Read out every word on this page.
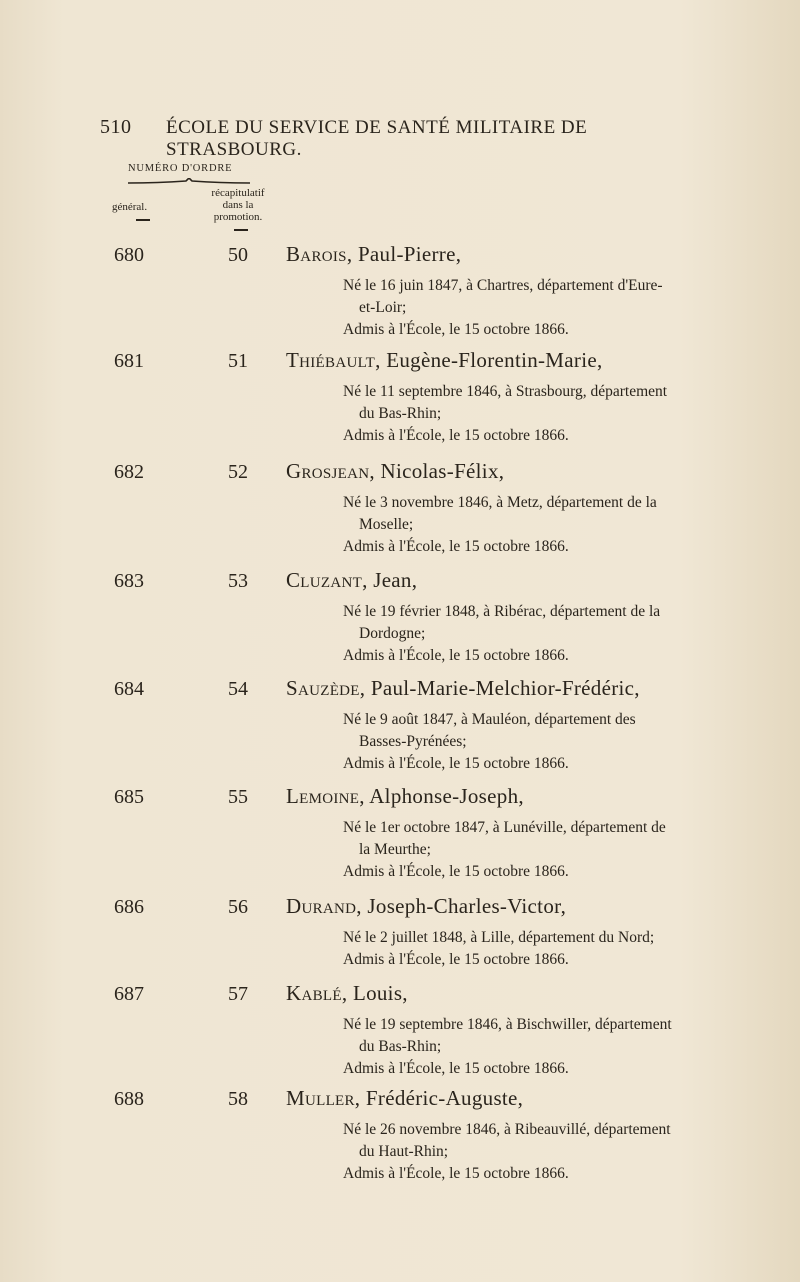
510	ÉCOLE DU SERVICE DE SANTÉ MILITAIRE DE STRASBOURG.
NUMÉRO D'ORDRE
général.
récapitulatif
dans la
promotion.
680	50 Barois, Paul-Pierre,
Né le 16 juin 1847, à Chartres, département d'Eure-
et-Loir;
Admis à l'École, le 15 octobre 1866.
681	51 Thiébault, Eugène-Florentin-Marie,
Né le 11 septembre 1846, à Strasbourg, département
du Bas-Rhin;
Admis à l'École, le 15 octobre 1866.
682	52 Grosjean, Nicolas-Félix,
Né le 3 novembre 1846, à Metz, département de la
Moselle;
Admis à l'École, le 15 octobre 1866.
683	53 Cluzant, Jean,
Né le 19 février 1848, à Ribérac, département de la
Dordogne;
Admis à l'École, le 15 octobre 1866.
684	54 Sauzède, Paul-Marie-Melchior-Frédéric,
Né le 9 août 1847, à Mauléon, département des
Basses-Pyrénées;
Admis à l'École, le 15 octobre 1866.
685	55 Lemoine, Alphonse-Joseph,
Né le 1er octobre 1847, à Lunéville, département de
la Meurthe;
Admis à l'École, le 15 octobre 1866.
686	56 Durand, Joseph-Charles-Victor,
Né le 2 juillet 1848, à Lille, département du Nord;
Admis à l'École, le 15 octobre 1866.
687	57 Kablé, Louis,
Né le 19 septembre 1846, à Bischwiller, département
du Bas-Rhin;
Admis à l'École, le 15 octobre 1866.
688	58 Muller, Frédéric-Auguste,
Né le 26 novembre 1846, à Ribeauvillé, département
du Haut-Rhin;
Admis à l'École, le 15 octobre 1866.
